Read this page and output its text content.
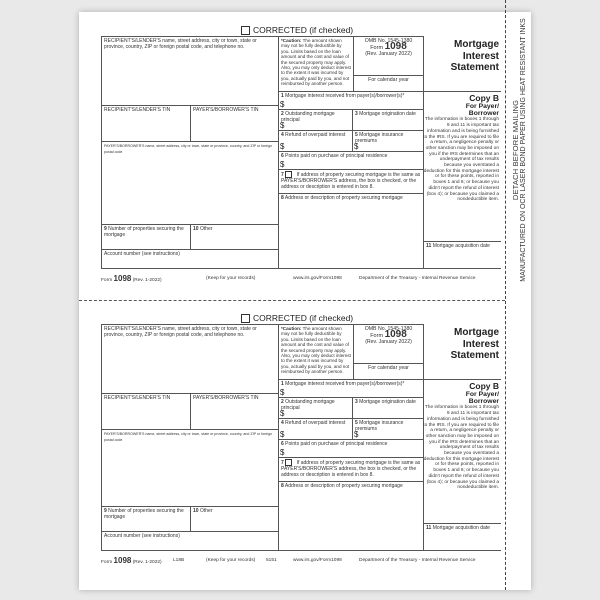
DETACH BEFORE MAILING MANUFACTURED ON OCR LASER BOND PAPER USING HEAT RESISTANT INKS
CORRECTED (if checked)
RECIPIENT'S/LENDER'S name, street address, city or town, state or province, country, ZIP or foreign postal code, and telephone no.
RECIPIENT'S/LENDER'S TIN	PAYER'S/BORROWER'S TIN
PAYER'S/BORROWER'S name, street address, city or town, state or province, country, and ZIP or foreign postal code
9 Number of properties securing the mortgage
10 Other
Account number (see instructions)
*Caution: The amount shown may not be fully deductible by you. Limits based on the loan amount and the cost and value of the secured property may apply. Also, you may only deduct interest to the extent it was incurred by you, actually paid by you, and not reimbursed by another person.
OMB No. 1545-1380
Form 1098
(Rev. January 2022)
For calendar year
1 Mortgage interest received from payer(s)/borrower(s)*
$
2 Outstanding mortgage principal
$
3 Mortgage origination date
4 Refund of overpaid interest
$
5 Mortgage insurance premiums
$
6 Points paid on purchase of principal residence
$
7	If address of property securing mortgage is the same as PAYER'S/BORROWER'S address, the box is checked, or the address or description is entered in box 8.
8 Address or description of property securing mortgage
Mortgage
Interest
Statement
Copy B
For Payer/
Borrower
The information in boxes 1 through 9 and 11 is important tax information and is being furnished to the IRS. If you are required to file a return, a negligence penalty or other sanction may be imposed on you if the IRS determines that an underpayment of tax results because you overstated a deduction for this mortgage interest or for these points, reported in boxes 1 and 6; or because you didn't report the refund of interest (box 4); or because you claimed a nondeductible item.
11 Mortgage acquisition date
Form 1098 (Rev. 1-2022)	(Keep for your records)	www.irs.gov/Form1098	Department of the Treasury - Internal Revenue Service
CORRECTED (if checked)
RECIPIENT'S/LENDER'S name, street address, city or town, state or province, country, ZIP or foreign postal code, and telephone no.
RECIPIENT'S/LENDER'S TIN	PAYER'S/BORROWER'S TIN
PAYER'S/BORROWER'S name, street address, city or town, state or province, country, and ZIP or foreign postal code
9 Number of properties securing the mortgage
10 Other
Account number (see instructions)
*Caution: The amount shown may not be fully deductible by you. Limits based on the loan amount and the cost and value of the secured property may apply. Also, you may only deduct interest to the extent it was incurred by you, actually paid by you, and not reimbursed by another person.
OMB No. 1545-1380
Form 1098
(Rev. January 2022)
For calendar year
1 Mortgage interest received from payer(s)/borrower(s)*
$
2 Outstanding mortgage principal
$
3 Mortgage origination date
4 Refund of overpaid interest
$
5 Mortgage insurance premiums
$
6 Points paid on purchase of principal residence
$
7	If address of property securing mortgage is the same as PAYER'S/BORROWER'S address, the box is checked, or the address or description is entered in box 8.
8 Address or description of property securing mortgage
Mortgage
Interest
Statement
Copy B
For Payer/
Borrower
The information in boxes 1 through 9 and 11 is important tax information and is being furnished to the IRS. If you are required to file a return, a negligence penalty or other sanction may be imposed on you if the IRS determines that an underpayment of tax results because you overstated a deduction for this mortgage interest or for these points, reported in boxes 1 and 6; or because you didn't report the refund of interest (box 4); or because you claimed a nondeductible item.
11 Mortgage acquisition date
Form 1098 (Rev. 1-2022) L18B	(Keep for your records) 5151	www.irs.gov/Form1098	Department of the Treasury - Internal Revenue Service
